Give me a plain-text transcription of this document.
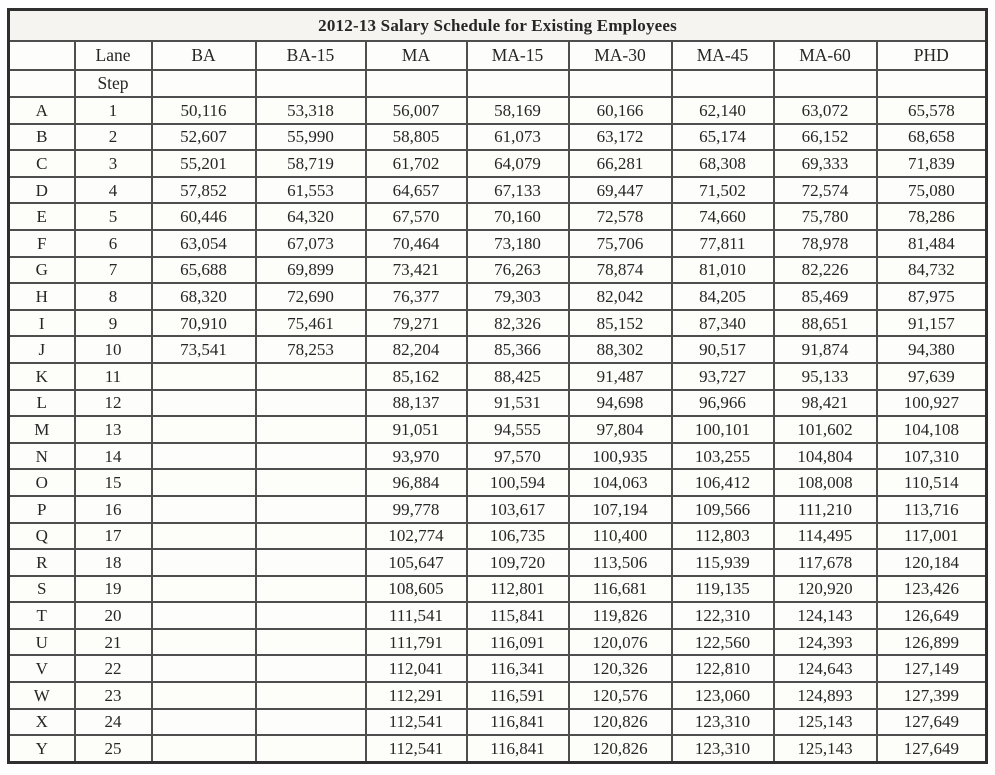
2012-13 Salary Schedule for Existing Employees									
	Lane	BA	BA-15	MA	MA-15	MA-30	MA-45	MA-60	PHD
	Step								
A	1	50,116	53,318	56,007	58,169	60,166	62,140	63,072	65,578
B	2	52,607	55,990	58,805	61,073	63,172	65,174	66,152	68,658
C	3	55,201	58,719	61,702	64,079	66,281	68,308	69,333	71,839
D	4	57,852	61,553	64,657	67,133	69,447	71,502	72,574	75,080
E	5	60,446	64,320	67,570	70,160	72,578	74,660	75,780	78,286
F	6	63,054	67,073	70,464	73,180	75,706	77,811	78,978	81,484
G	7	65,688	69,899	73,421	76,263	78,874	81,010	82,226	84,732
H	8	68,320	72,690	76,377	79,303	82,042	84,205	85,469	87,975
I	9	70,910	75,461	79,271	82,326	85,152	87,340	88,651	91,157
J	10	73,541	78,253	82,204	85,366	88,302	90,517	91,874	94,380
K	11			85,162	88,425	91,487	93,727	95,133	97,639
L	12			88,137	91,531	94,698	96,966	98,421	100,927
M	13			91,051	94,555	97,804	100,101	101,602	104,108
N	14			93,970	97,570	100,935	103,255	104,804	107,310
O	15			96,884	100,594	104,063	106,412	108,008	110,514
P	16			99,778	103,617	107,194	109,566	111,210	113,716
Q	17			102,774	106,735	110,400	112,803	114,495	117,001
R	18			105,647	109,720	113,506	115,939	117,678	120,184
S	19			108,605	112,801	116,681	119,135	120,920	123,426
T	20			111,541	115,841	119,826	122,310	124,143	126,649
U	21			111,791	116,091	120,076	122,560	124,393	126,899
V	22			112,041	116,341	120,326	122,810	124,643	127,149
W	23			112,291	116,591	120,576	123,060	124,893	127,399
X	24			112,541	116,841	120,826	123,310	125,143	127,649
Y	25			112,541	116,841	120,826	123,310	125,143	127,649
